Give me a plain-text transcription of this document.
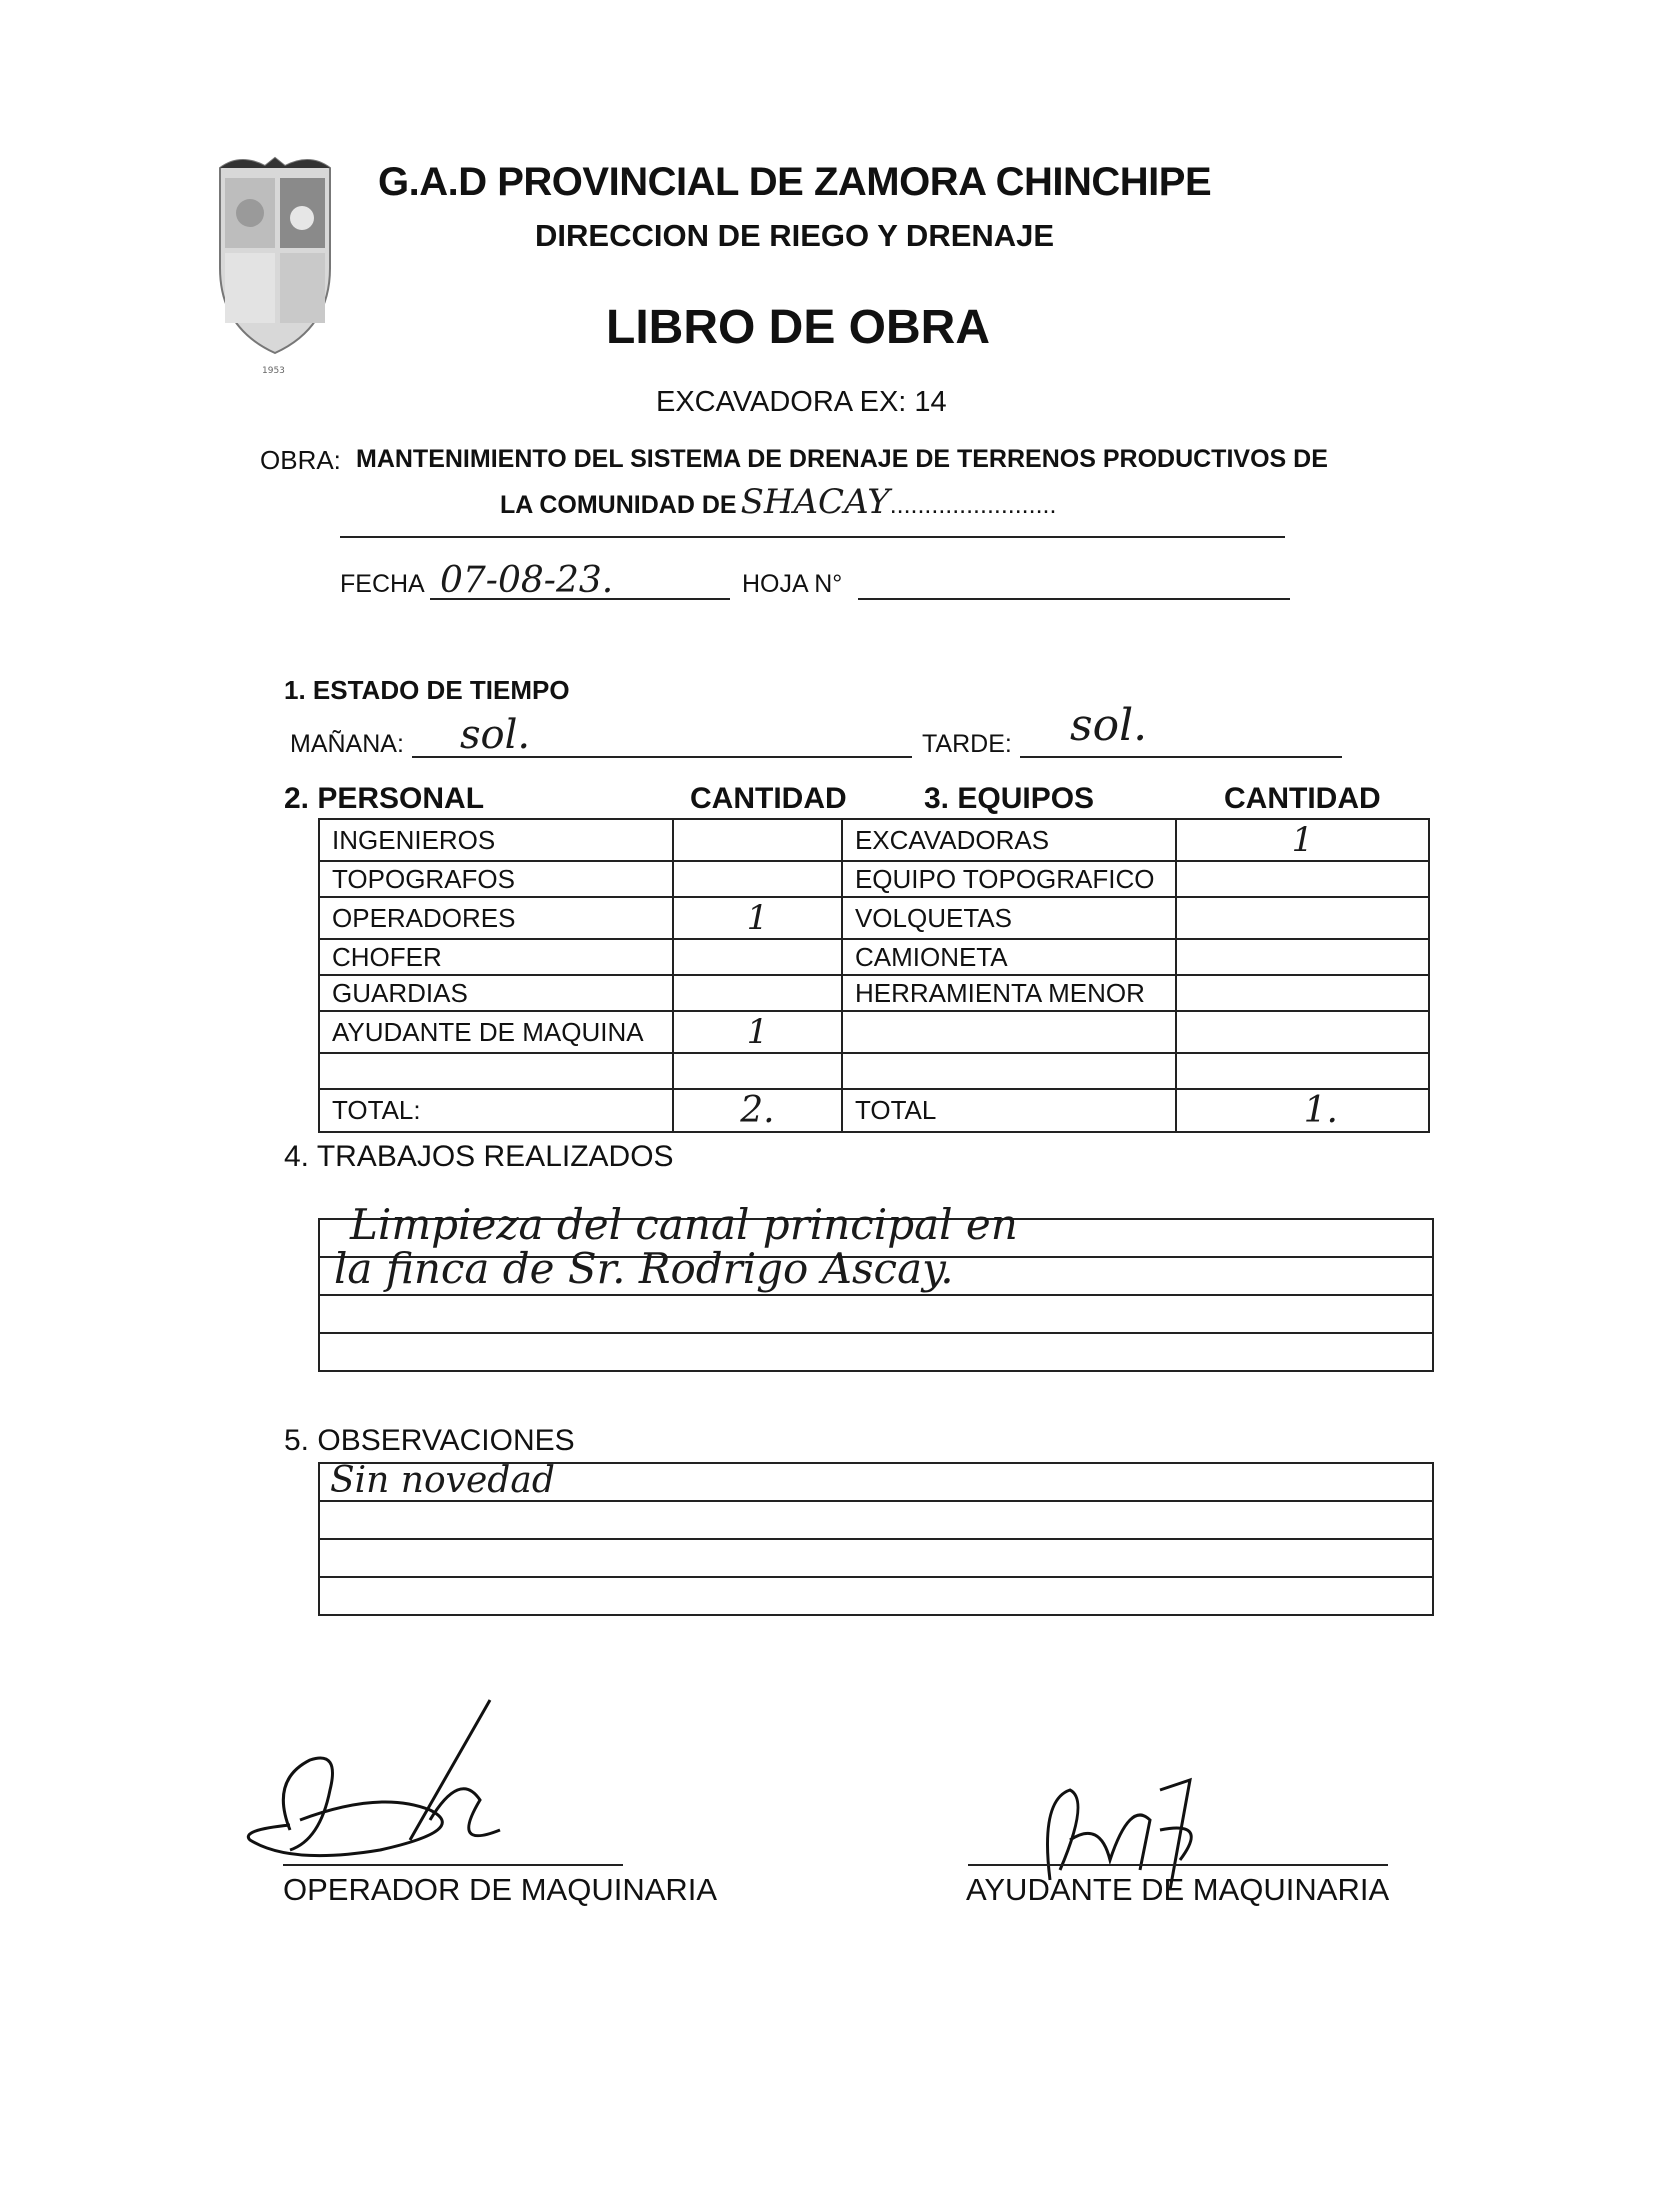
1953
G.A.D PROVINCIAL DE ZAMORA CHINCHIPE
DIRECCION DE RIEGO Y DRENAJE
LIBRO DE OBRA
EXCAVADORA EX: 14
OBRA: MANTENIMIENTO DEL SISTEMA DE DRENAJE DE TERRENOS PRODUCTIVOS DE
LA COMUNIDAD DE SHACAY........................
FECHA 07-08-23.	HOJA N°
1. ESTADO DE TIEMPO
MAÑANA: sol.	TARDE: sol.
2. PERSONAL	CANTIDAD	3. EQUIPOS	CANTIDAD
INGENIEROS		EXCAVADORAS	1
TOPOGRAFOS		EQUIPO TOPOGRAFICO	
OPERADORES	1	VOLQUETAS	
CHOFER		CAMIONETA	
GUARDIAS		HERRAMIENTA MENOR	
AYUDANTE DE MAQUINA	1		

TOTAL:	2.	TOTAL	1.
4. TRABAJOS REALIZADOS
Limpieza del canal principal en
la finca de Sr. Rodrigo Ascay.
5. OBSERVACIONES
Sin novedad
OPERADOR DE MAQUINARIA	AYUDANTE DE MAQUINARIA
